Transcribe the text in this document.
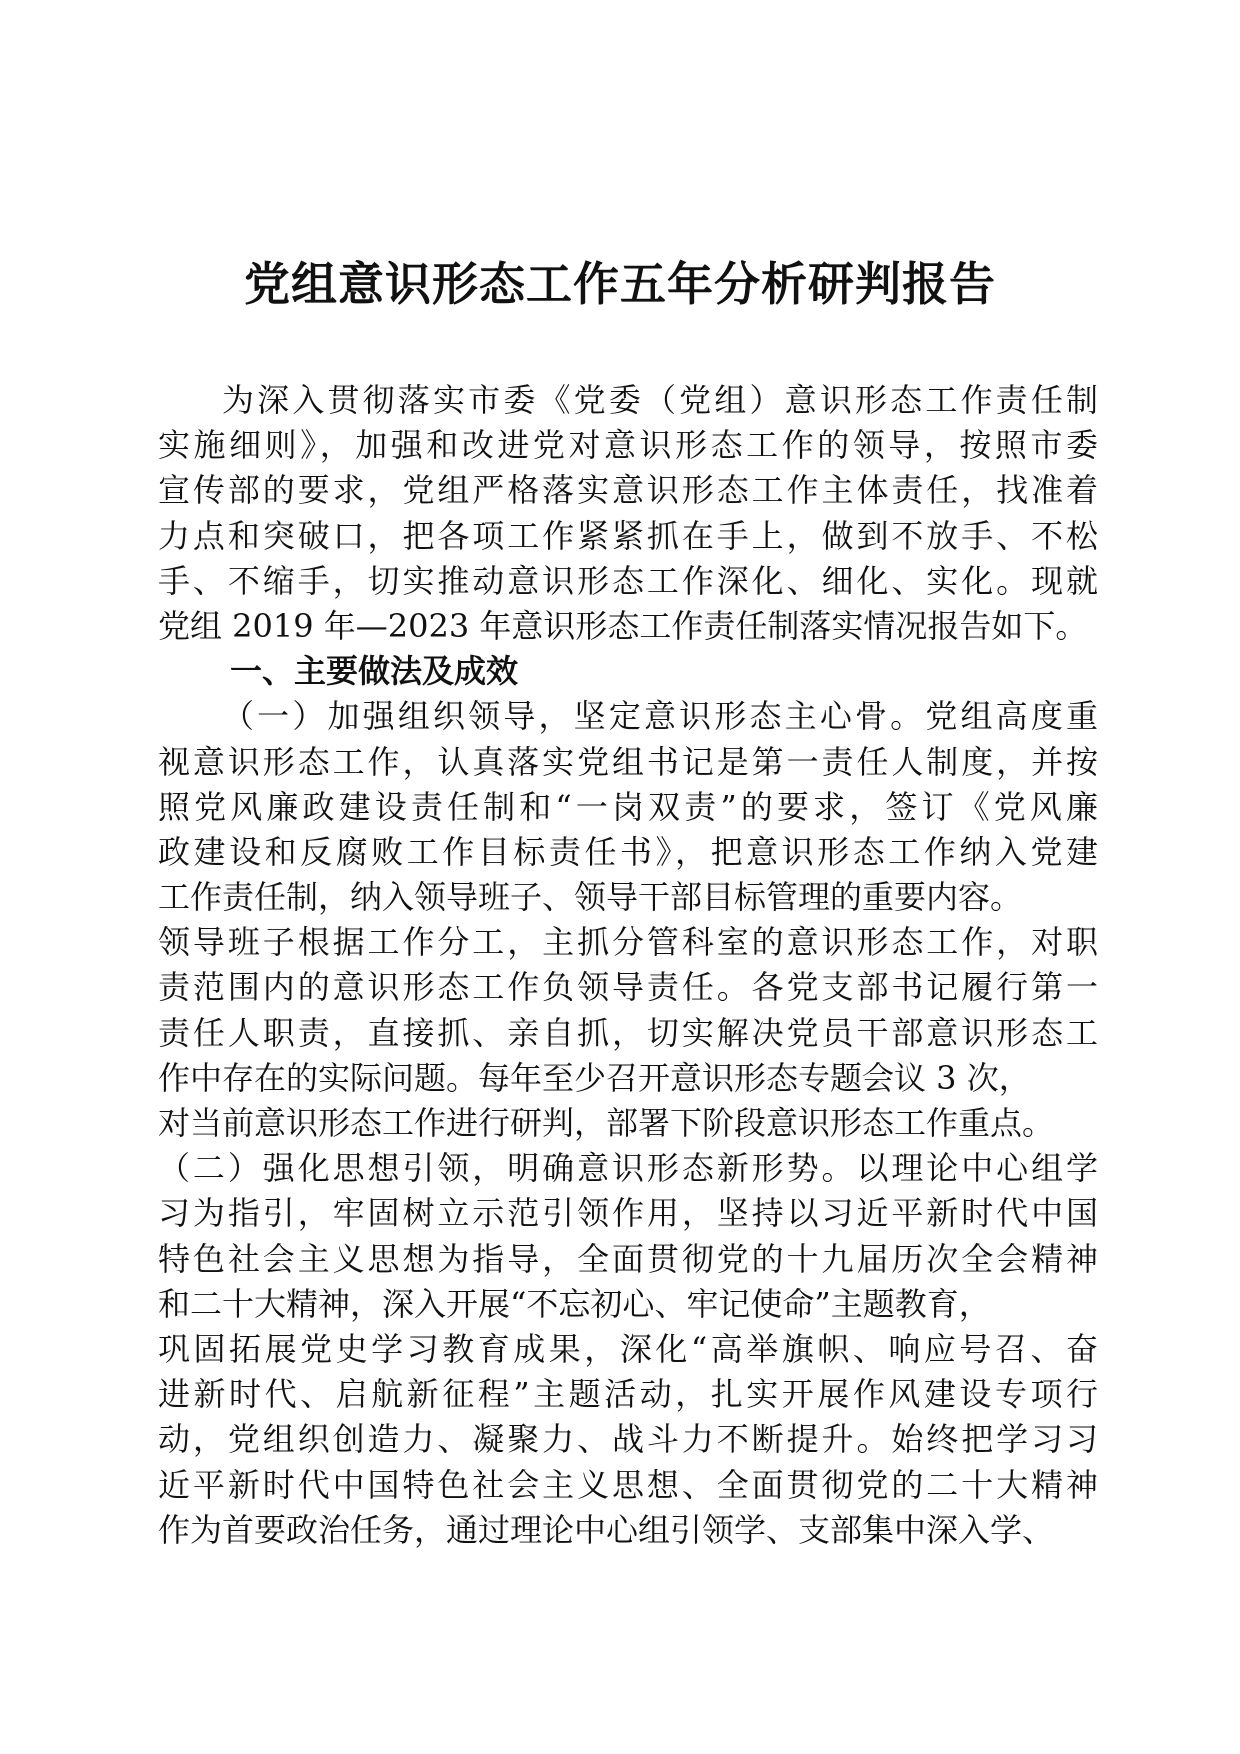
党组意识形态工作五年分析研判报告
为深入贯彻落实市委《党委（党组）意识形态工作责任制
实施细则》，加强和改进党对意识形态工作的领导，按照市委
宣传部的要求，党组严格落实意识形态工作主体责任，找准着
力点和突破口，把各项工作紧紧抓在手上，做到不放手、不松
手、不缩手，切实推动意识形态工作深化、细化、实化。现就
党组 2019 年—2023 年意识形态工作责任制落实情况报告如下。
一、主要做法及成效
（一）加强组织领导，坚定意识形态主心骨。党组高度重
视意识形态工作，认真落实党组书记是第一责任人制度，并按
照党风廉政建设责任制和“一岗双责”的要求，签订《党风廉
政建设和反腐败工作目标责任书》，把意识形态工作纳入党建
工作责任制，纳入领导班子、领导干部目标管理的重要内容。
领导班子根据工作分工，主抓分管科室的意识形态工作，对职
责范围内的意识形态工作负领导责任。各党支部书记履行第一
责任人职责，直接抓、亲自抓，切实解决党员干部意识形态工
作中存在的实际问题。每年至少召开意识形态专题会议 3 次，
对当前意识形态工作进行研判，部署下阶段意识形态工作重点。
（二）强化思想引领，明确意识形态新形势。以理论中心组学
习为指引，牢固树立示范引领作用，坚持以习近平新时代中国
特色社会主义思想为指导，全面贯彻党的十九届历次全会精神
和二十大精神，深入开展“不忘初心、牢记使命”主题教育，
巩固拓展党史学习教育成果，深化“高举旗帜、响应号召、奋
进新时代、启航新征程”主题活动，扎实开展作风建设专项行
动，党组织创造力、凝聚力、战斗力不断提升。始终把学习习
近平新时代中国特色社会主义思想、全面贯彻党的二十大精神
作为首要政治任务，通过理论中心组引领学、支部集中深入学、
